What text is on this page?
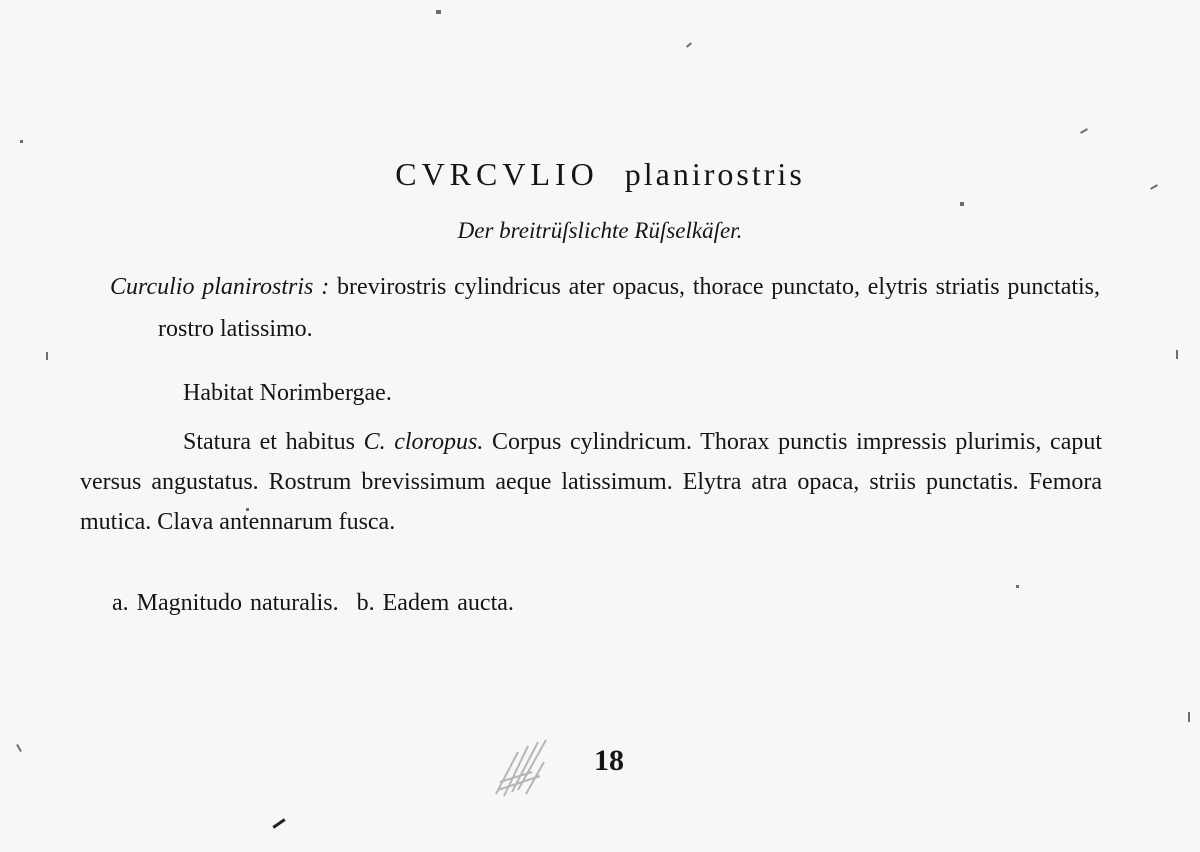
CVRCVLIO planirostris
Der breitrüſslichte Rüſselkäſer.
Curculio planirostris : brevirostris cylindricus ater opacus, thorace punctato, elytris striatis punctatis, rostro latissimo.
Habitat Norimbergae.
Statura et habitus C. cloropus. Corpus cylindricum. Thorax punctis impressis plurimis, caput versus angustatus. Rostrum brevissimum aeque latissimum. Elytra atra opaca, striis punctatis. Femora mutica. Clava antennarum fusca.
a. Magnitudo naturalis. b. Eadem aucta.
18
